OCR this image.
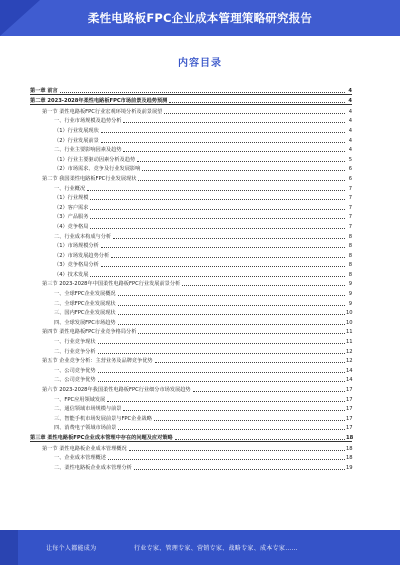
柔性电路板FPC企业成本管理策略研究报告
内容目录
第一章 前言	4
第二章 2023-2028年柔性电路板FPC市场前景及趋势预测	4
第一节 柔性电路板FPC行业宏观环境分析及前景展望	4
一、行业市场规模及趋势分析	4
（1）行业发展现状	4
（2）行业发展前景	4
二、行业主要影响因素及趋势	4
（1）行业主要驱动因素分析及趋势	5
（2）市场需求、竞争及行业发展影响	6
第二节 我国柔性电路板FPC行业发展现状	6
一、行业概况	7
（1）行业规模	7
（2）客户需求	7
（3）产品服务	7
（4）竞争格局	7
二、行业成本构成与分析	8
（1）市场规模分析	8
（2）市场发展趋势分析	8
（3）竞争格局分析	8
（4）技术发展	8
第三节 2023-2028年中国柔性电路板FPC行业发展前景分析	9
一、全球FPC企业发展概况	9
二、全球FPC企业发展现状	9
三、国内FPC企业发展现状	10
四、全球发展FPC市场趋势	10
第四节 柔性电路板FPC行业竞争格局分析	11
一、行业竞争现状	11
二、行业竞争分析	12
第五节 企业竞争分析：主营业务及品牌竞争优势	12
一、公司竞争优势	14
二、公司竞争优势	14
第六节 2023-2028年我国柔性电路板FPC行业细分市场发展趋势	17
一、FPC应用领域发展	17
二、通信领域市场规模与前景	17
三、智能手机市场发展前景与FPC企业战略	17
四、消费电子领域市场前景	17
第三章 柔性电路板FPC企业成本管理中存在的问题及应对策略	18
第一节 柔性电路板企业成本管理概况	18
一、企业成本管理概述	18
二、柔性电路板企业成本管理分析	19
让每个人都能成为	行业专家、管理专家、营销专家、战略专家、成本专家……
